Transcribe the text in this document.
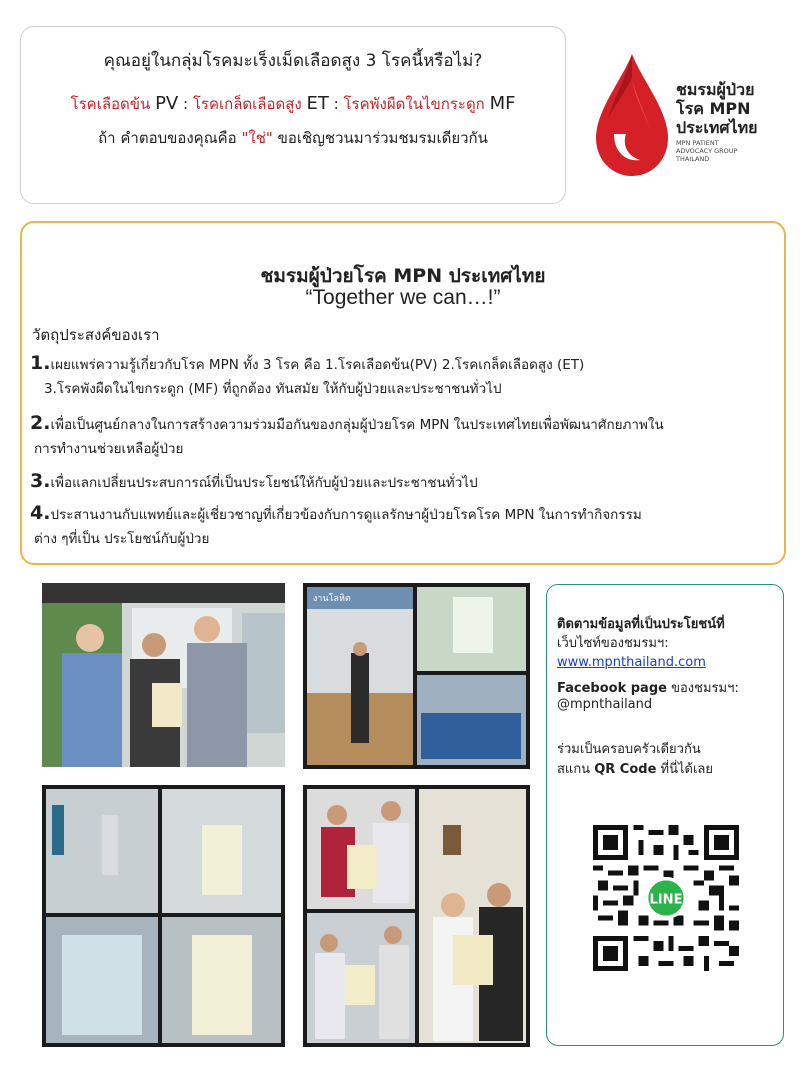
คุณอยู่ในกลุ่มโรคมะเร็งเม็ดเลือดสูง 3 โรคนี้หรือไม่?
โรคเลือดข้น PV : โรคเกล็ดเลือดสูง ET : โรคพังผืดในไขกระดูก MF
ถ้า คำตอบของคุณคือ "ใช่" ขอเชิญชวนมาร่วมชมรมเดียวกัน
ชมรมผู้ป่วย
โรค MPN
ประเทศไทย
MPN PATIENT
ADVOCACY GROUP
THAILAND
ชมรมผู้ป่วยโรค MPN ประเทศไทย
“Together we can…!”
วัตถุประสงค์ของเรา
1.เผยแพร่ความรู้เกี่ยวกับโรค MPN ทั้ง 3 โรค คือ 1.โรคเลือดข้น(PV) 2.โรคเกล็ดเลือดสูง (ET)
3.โรคพังผืดในไขกระดูก (MF) ที่ถูกต้อง ทันสมัย ให้กับผู้ป่วยและประชาชนทั่วไป
2.เพื่อเป็นศูนย์กลางในการสร้างความร่วมมือกันของกลุ่มผู้ป่วยโรค MPN ในประเทศไทยเพื่อพัฒนาศักยภาพใน
การทำงานช่วยเหลือผู้ป่วย
3.เพื่อแลกเปลี่ยนประสบการณ์ที่เป็นประโยชน์ให้กับผู้ป่วยและประชาชนทั่วไป
4.ประสานงานกับแพทย์และผู้เชี่ยวชาญที่เกี่ยวข้องกับการดูแลรักษาผู้ป่วยโรคโรค MPN ในการทำกิจกรรม
ต่าง ๆที่เป็น ประโยชน์กับผู้ป่วย
งานโลหิต
ติดตามข้อมูลที่เป็นประโยชน์ที่
เว็บไซท์ของชมรมฯ:
www.mpnthailand.com
Facebook page ของชมรมฯ:
@mpnthailand
ร่วมเป็นครอบครัวเดียวกัน
สแกน QR Code ที่นี่ได้เลย
LINE
